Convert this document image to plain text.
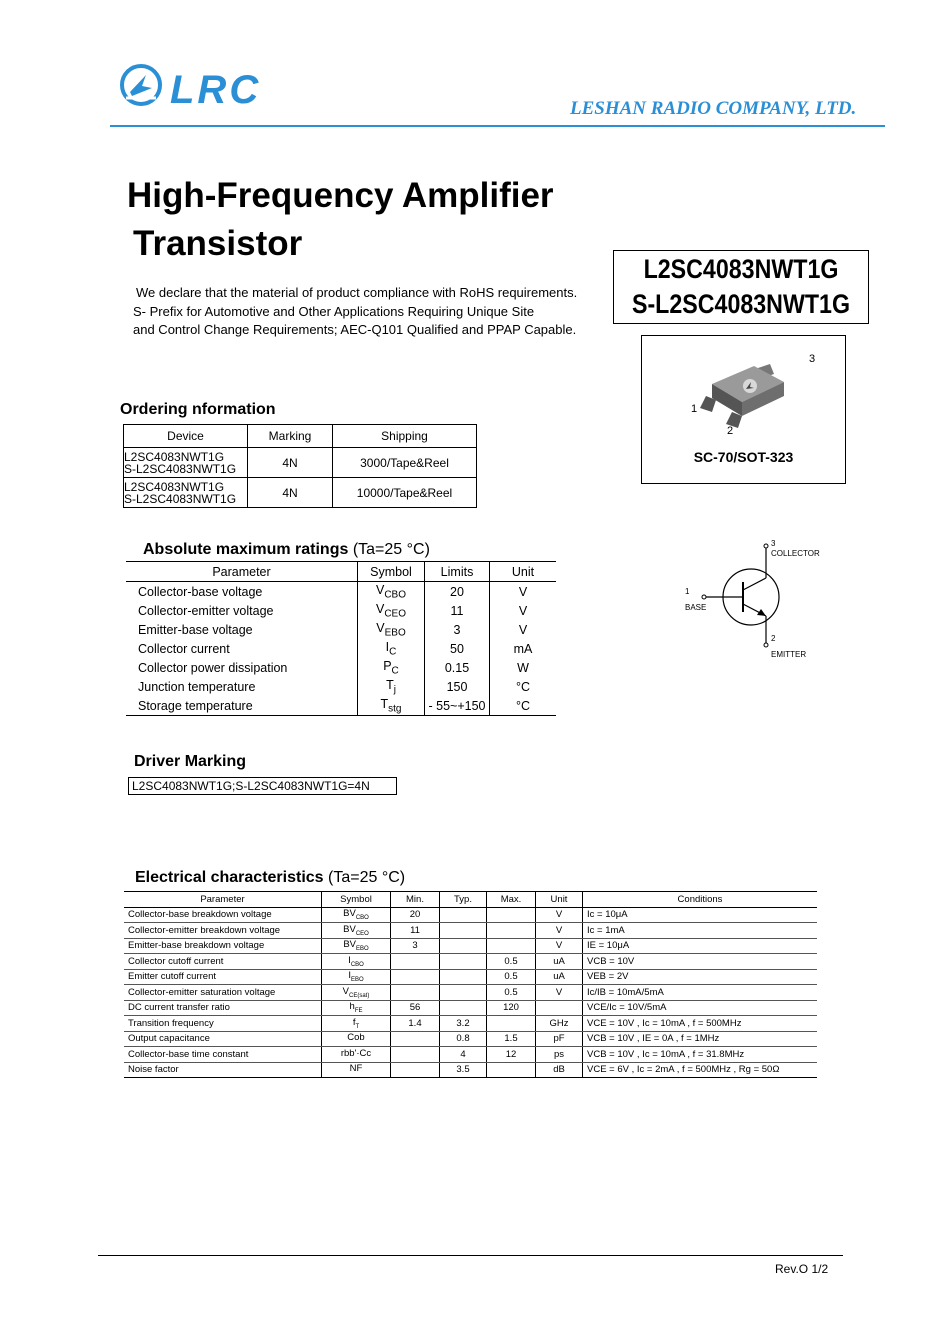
LRC	LESHAN RADIO COMPANY, LTD.
High-Frequency Amplifier
Transistor
We declare that the material of product compliance with RoHS requirements.
S- Prefix for Automotive and Other Applications Requiring Unique Site
and Control Change Requirements; AEC-Q101 Qualified and PPAP Capable.
L2SC4083NWT1G
S-L2SC4083NWT1G
3
1
2
SC-70/SOT-323
Ordering nformation
Device	Marking	Shipping
L2SC4083NWT1G
S-L2SC4083NWT1G	4N	3000/Tape&Reel
L2SC4083NWT1G
S-L2SC4083NWT1G	4N	10000/Tape&Reel
Absolute maximum ratings (Ta=25 °C)
Parameter	Symbol	Limits	Unit
Collector-base voltage	$V_{CBO}$	20	V
Collector-emitter voltage	$V_{CEO}$	11	V
Emitter-base voltage	$V_{EBO}$	3	V
Collector current	$I_C$	50	mA
Collector power dissipation	$P_C$	0.15	W
Junction temperature	$T_j$	150	°C
Storage temperature	$T_{stg}$	- 55~+150	°C
3
COLLECTOR
1
BASE
2
EMITTER
Driver Marking
L2SC4083NWT1G;S-L2SC4083NWT1G=4N
Electrical characteristics (Ta=25 °C)
Parameter	Symbol	Min.	Typ.	Max.	Unit	Conditions
Collector-base breakdown voltage	$BV_{CBO}$	20			V	Ic = 10μA
Collector-emitter breakdown voltage	$BV_{CEO}$	11			V	Ic = 1mA
Emitter-base breakdown voltage	$BV_{EBO}$	3			V	IE = 10μA
Collector cutoff current	$I_{CBO}$			0.5	uA	VCB = 10V
Emitter cutoff current	$I_{EBO}$			0.5	uA	VEB = 2V
Collector-emitter saturation voltage	$V_{CE(sat)}$			0.5	V	Ic/IB = 10mA/5mA
DC current transfer ratio	$h_{FE}$	56		120		VCE/Ic = 10V/5mA
Transition frequency	$f_T$	1.4	3.2		GHz	VCE = 10V , Ic = 10mA , f = 500MHz
Output capacitance	Cob		0.8	1.5	pF	VCB = 10V , IE = 0A , f = 1MHz
Collector-base time constant	rbb'·Cc		4	12	ps	VCB = 10V , Ic = 10mA , f = 31.8MHz
Noise factor	NF		3.5		dB	VCE = 6V , Ic = 2mA , f = 500MHz , Rg = 50Ω
Rev.O 1/2
